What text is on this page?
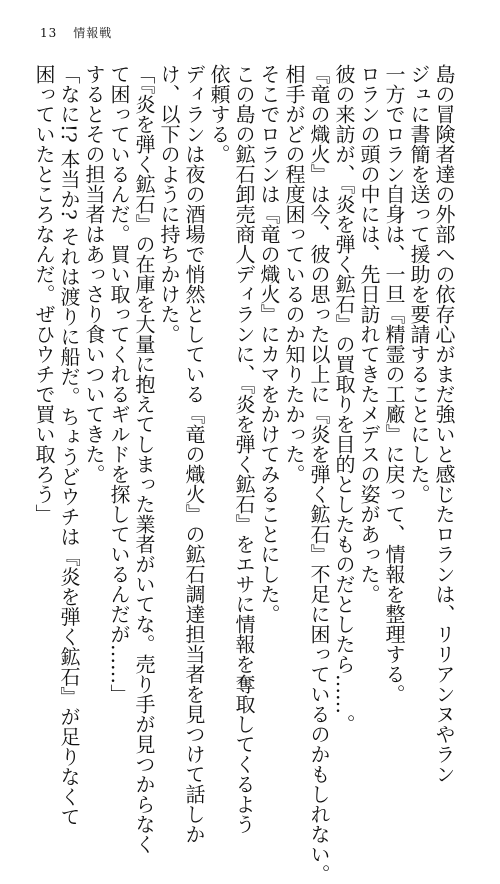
13 情報戦
島の冒険者達の外部への依存心がまだ強いと感じたロランは、リリアンヌやラン
ジュに書簡を送って援助を要請することにした。
一方でロラン自身は、一旦『精霊の工廠』に戻って、情報を整理する。
ロランの頭の中には、先日訪れてきたメデスの姿があった。
彼の来訪が、『炎を弾く鉱石』の買取りを目的としたものだとしたら……。
『竜の熾火』は今、彼の思った以上に『炎を弾く鉱石』不足に困っているのかもしれない。
相手がどの程度困っているのか知りたかった。
そこでロランは『竜の熾火』にカマをかけてみることにした。
この島の鉱石卸売商人ディランに、『炎を弾く鉱石』をエサに情報を奪取してくるよう
依頼する。
ディランは夜の酒場で悄然としている『竜の熾火』の鉱石調達担当者を見つけて話しか
け、以下のように持ちかけた。
「『炎を弾く鉱石』の在庫を大量に抱えてしまった業者がいてな。売り手が見つからなく
て困っているんだ。買い取ってくれるギルドを探しているんだが……」
するとその担当者はあっさり食いついてきた。
「なに!? 本当か? それは渡りに船だ。ちょうどウチは『炎を弾く鉱石』が足りなくて
困っていたところなんだ。ぜひウチで買い取ろう」
